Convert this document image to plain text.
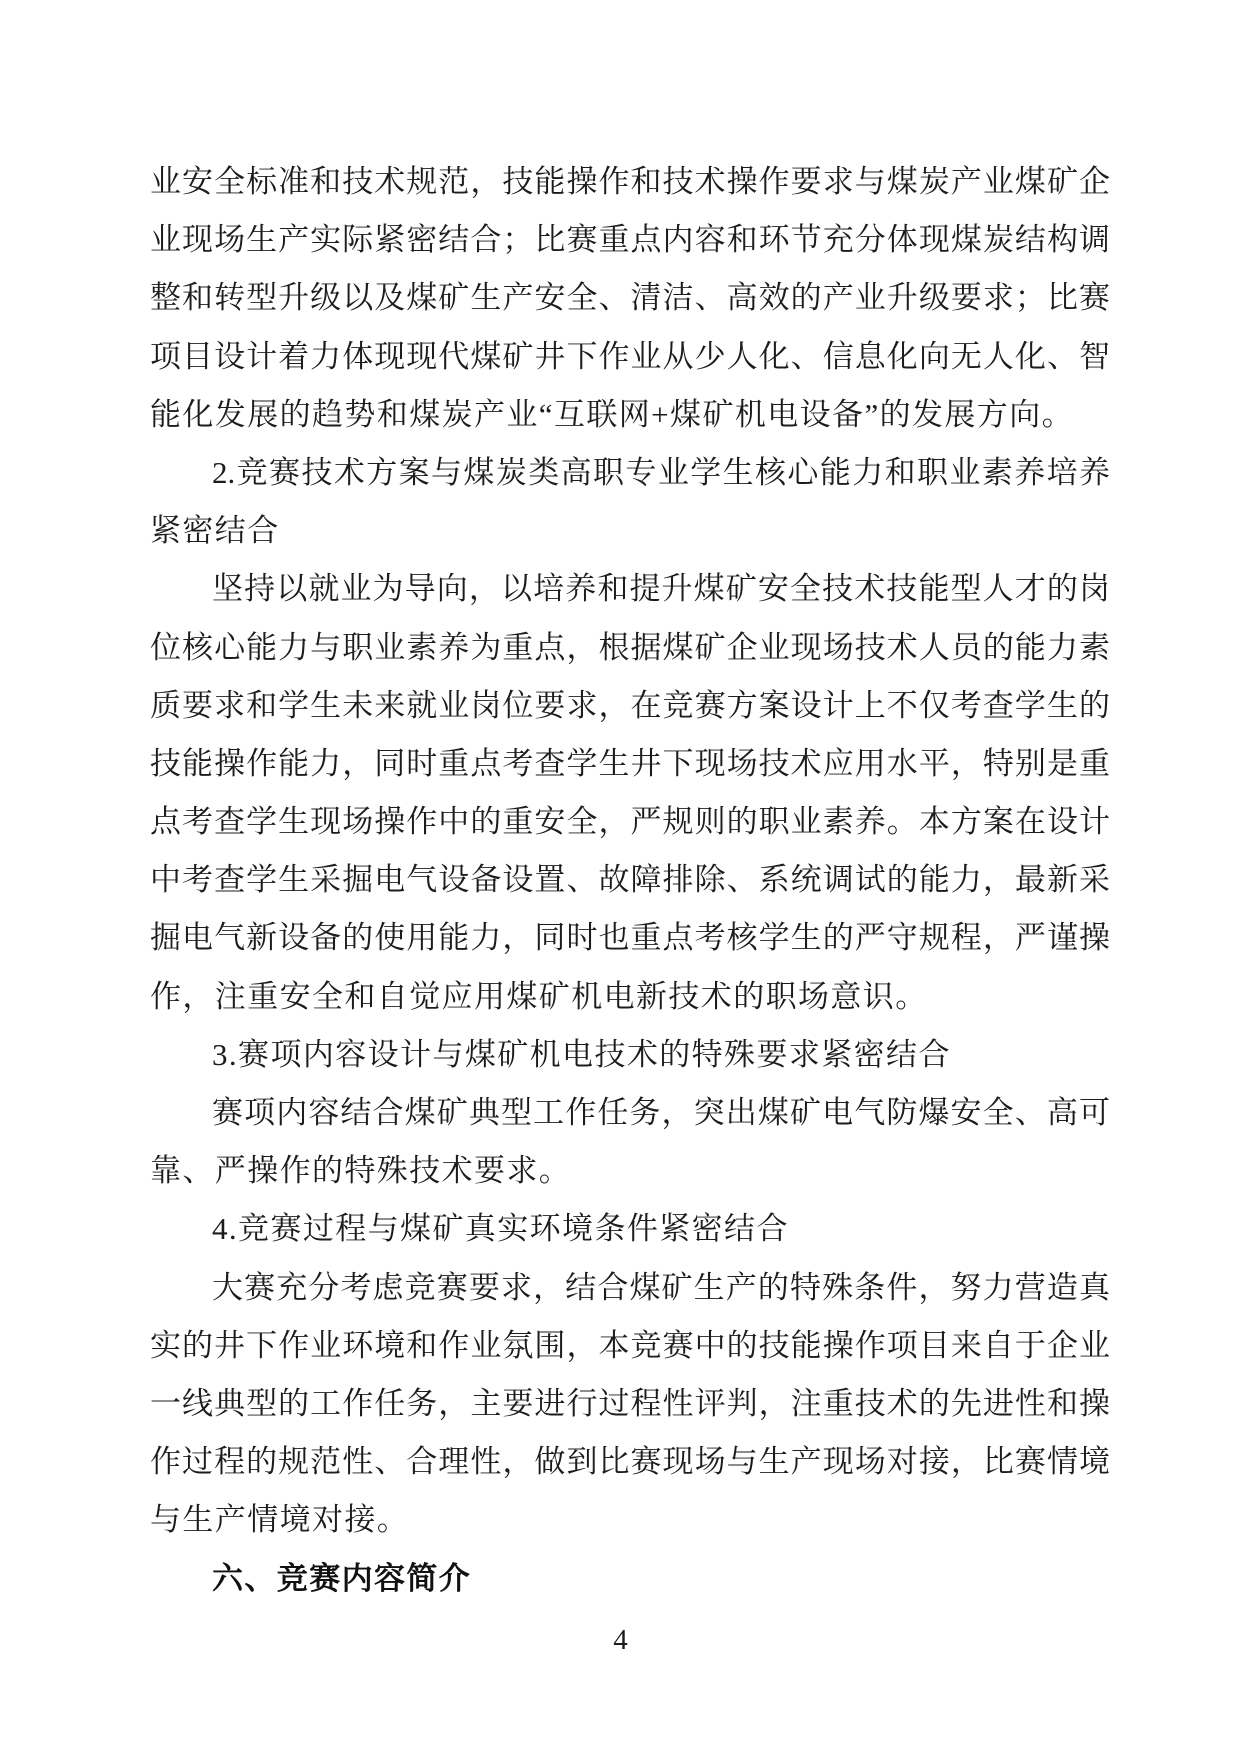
业安全标准和技术规范，技能操作和技术操作要求与煤炭产业煤矿企
业现场生产实际紧密结合；比赛重点内容和环节充分体现煤炭结构调
整和转型升级以及煤矿生产安全、清洁、高效的产业升级要求；比赛
项目设计着力体现现代煤矿井下作业从少人化、信息化向无人化、智
能化发展的趋势和煤炭产业“互联网+煤矿机电设备”的发展方向。
2.竞赛技术方案与煤炭类高职专业学生核心能力和职业素养培养
紧密结合
坚持以就业为导向，以培养和提升煤矿安全技术技能型人才的岗
位核心能力与职业素养为重点，根据煤矿企业现场技术人员的能力素
质要求和学生未来就业岗位要求，在竞赛方案设计上不仅考查学生的
技能操作能力，同时重点考查学生井下现场技术应用水平，特别是重
点考查学生现场操作中的重安全，严规则的职业素养。本方案在设计
中考查学生采掘电气设备设置、故障排除、系统调试的能力，最新采
掘电气新设备的使用能力，同时也重点考核学生的严守规程，严谨操
作，注重安全和自觉应用煤矿机电新技术的职场意识。
3.赛项内容设计与煤矿机电技术的特殊要求紧密结合
赛项内容结合煤矿典型工作任务，突出煤矿电气防爆安全、高可
靠、严操作的特殊技术要求。
4.竞赛过程与煤矿真实环境条件紧密结合
大赛充分考虑竞赛要求，结合煤矿生产的特殊条件，努力营造真
实的井下作业环境和作业氛围，本竞赛中的技能操作项目来自于企业
一线典型的工作任务，主要进行过程性评判，注重技术的先进性和操
作过程的规范性、合理性，做到比赛现场与生产现场对接，比赛情境
与生产情境对接。
六、竞赛内容简介
4
